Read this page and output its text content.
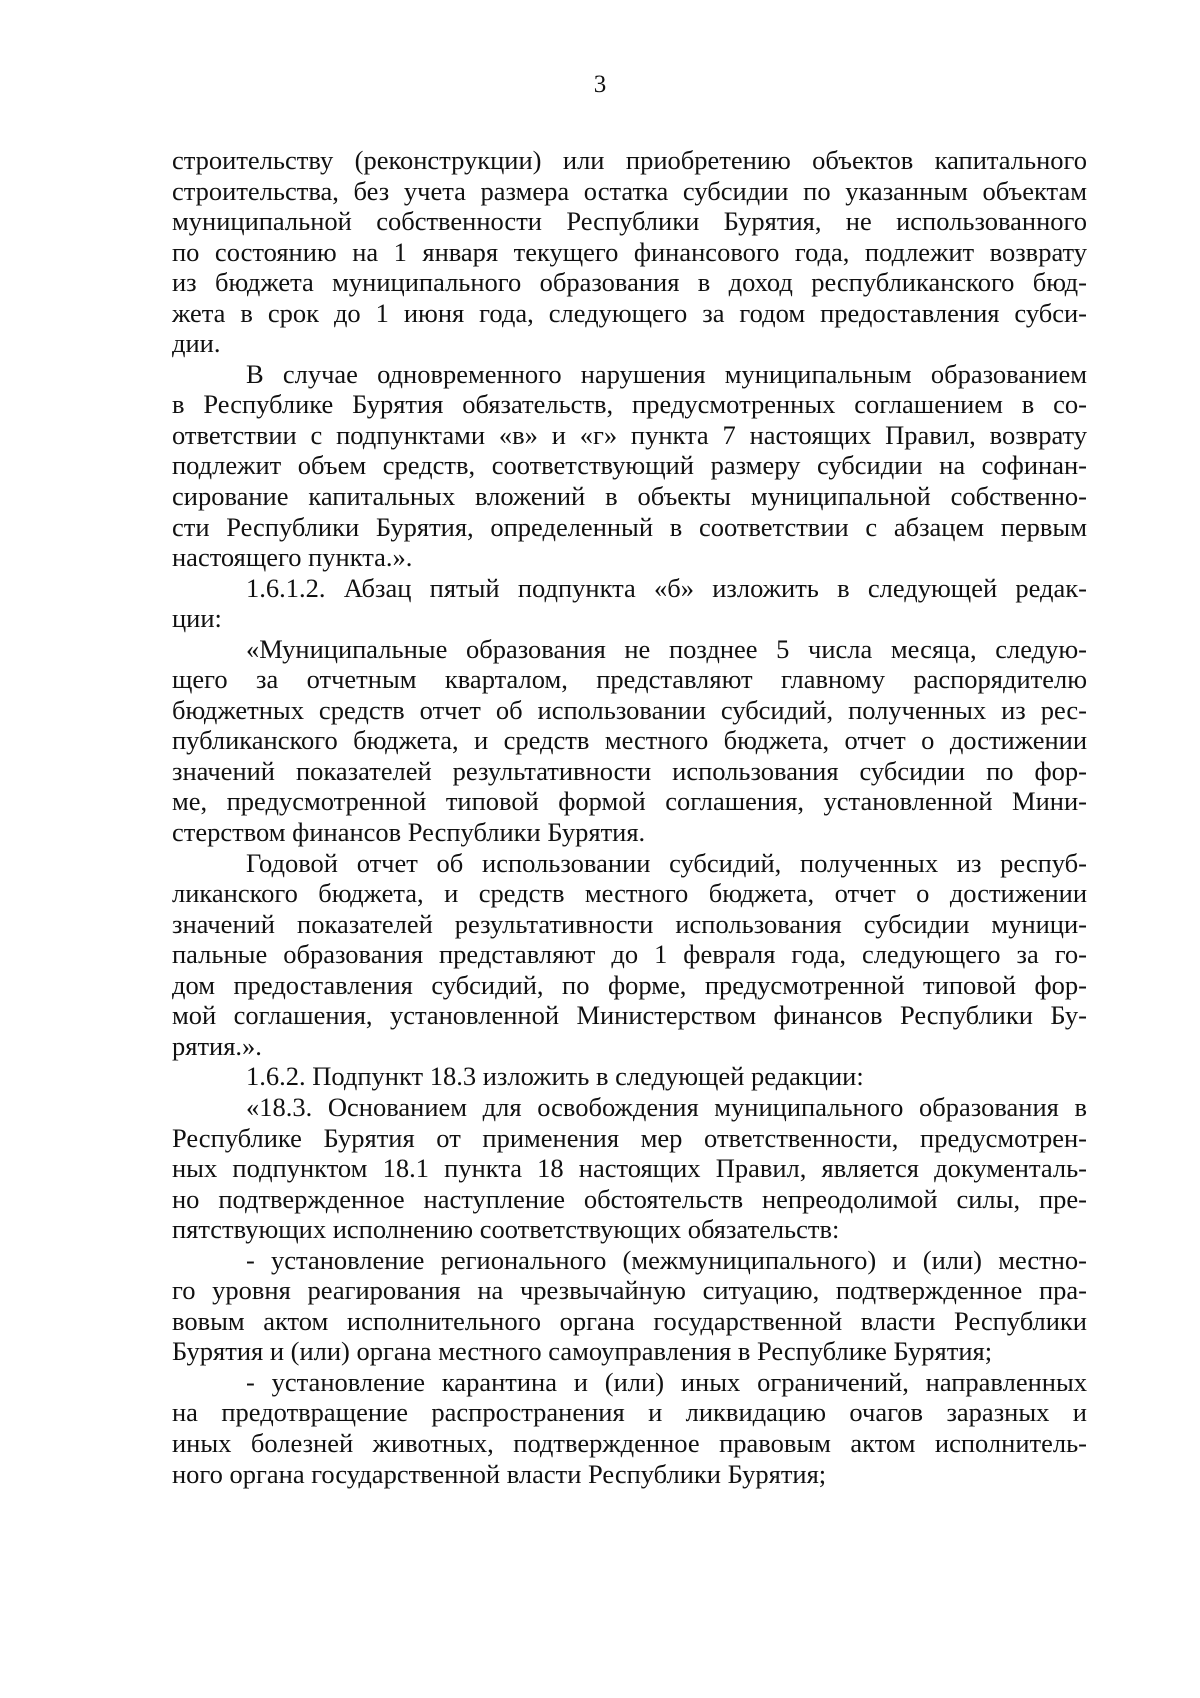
3
строительству (реконструкции) или приобретению объектов капитального
строительства, без учета размера остатка субсидии по указанным объектам
муниципальной собственности Республики Бурятия, не использованного
по состоянию на 1 января текущего финансового года, подлежит возврату
из бюджета муниципального образования в доход республиканского бюд-
жета в срок до 1 июня года, следующего за годом предоставления субси-
дии.
В случае одновременного нарушения муниципальным образованием
в Республике Бурятия обязательств, предусмотренных соглашением в со-
ответствии с подпунктами «в» и «г» пункта 7 настоящих Правил, возврату
подлежит объем средств, соответствующий размеру субсидии на софинан-
сирование капитальных вложений в объекты муниципальной собственно-
сти Республики Бурятия, определенный в соответствии с абзацем первым
настоящего пункта.».
1.6.1.2. Абзац пятый подпункта «б» изложить в следующей редак-
ции:
«Муниципальные образования не позднее 5 числа месяца, следую-
щего за отчетным кварталом, представляют главному распорядителю
бюджетных средств отчет об использовании субсидий, полученных из рес-
публиканского бюджета, и средств местного бюджета, отчет о достижении
значений показателей результативности использования субсидии по фор-
ме, предусмотренной типовой формой соглашения, установленной Мини-
стерством финансов Республики Бурятия.
Годовой отчет об использовании субсидий, полученных из респуб-
ликанского бюджета, и средств местного бюджета, отчет о достижении
значений показателей результативности использования субсидии муници-
пальные образования представляют до 1 февраля года, следующего за го-
дом предоставления субсидий, по форме, предусмотренной типовой фор-
мой соглашения, установленной Министерством финансов Республики Бу-
рятия.».
1.6.2. Подпункт 18.3 изложить в следующей редакции:
«18.3. Основанием для освобождения муниципального образования в
Республике Бурятия от применения мер ответственности, предусмотрен-
ных подпунктом 18.1 пункта 18 настоящих Правил, является документаль-
но подтвержденное наступление обстоятельств непреодолимой силы, пре-
пятствующих исполнению соответствующих обязательств:
- установление регионального (межмуниципального) и (или) местно-
го уровня реагирования на чрезвычайную ситуацию, подтвержденное пра-
вовым актом исполнительного органа государственной власти Республики
Бурятия и (или) органа местного самоуправления в Республике Бурятия;
- установление карантина и (или) иных ограничений, направленных
на предотвращение распространения и ликвидацию очагов заразных и
иных болезней животных, подтвержденное правовым актом исполнитель-
ного органа государственной власти Республики Бурятия;
